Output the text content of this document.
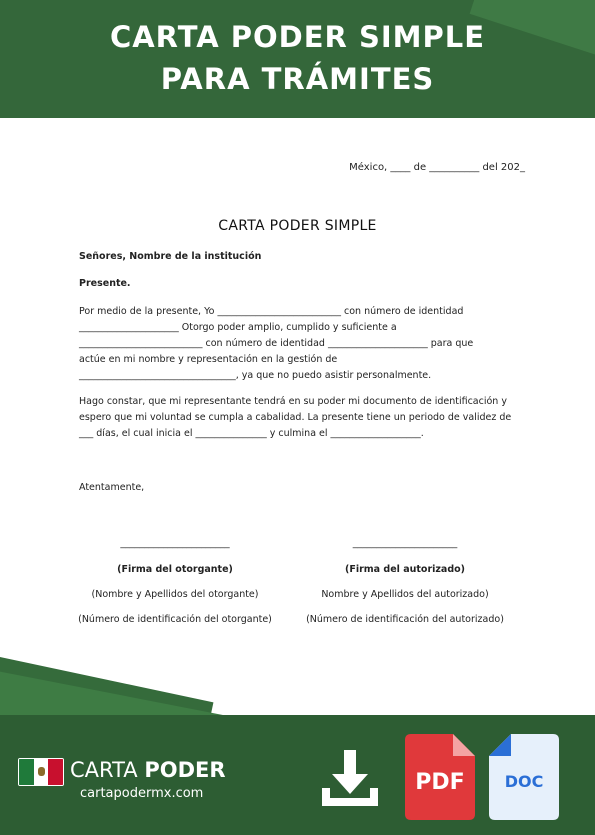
CARTA PODER SIMPLE
PARA TRÁMITES
México, ____ de __________ del 202_
CARTA PODER SIMPLE
Señores, Nombre de la institución
Presente.
Por medio de la presente, Yo __________________________ con número de identidad
_____________________ Otorgo poder amplio, cumplido y suficiente a
__________________________ con número de identidad _____________________ para que
actúe en mi nombre y representación en la gestión de
_________________________________, ya que no puedo asistir personalmente.
Hago constar, que mi representante tendrá en su poder mi documento de identificación y
espero que mi voluntad se cumpla a cabalidad. La presente tiene un periodo de validez de
___ días, el cual inicia el _______________ y culmina el ___________________.
Atentamente,
_______________________
(Firma del otorgante)
(Nombre y Apellidos del otorgante)
(Número de identificación del otorgante)
______________________
(Firma del autorizado)
Nombre y Apellidos del autorizado)
(Número de identificación del autorizado)
CARTA PODER
cartapodermx.com	PDF	DOC
